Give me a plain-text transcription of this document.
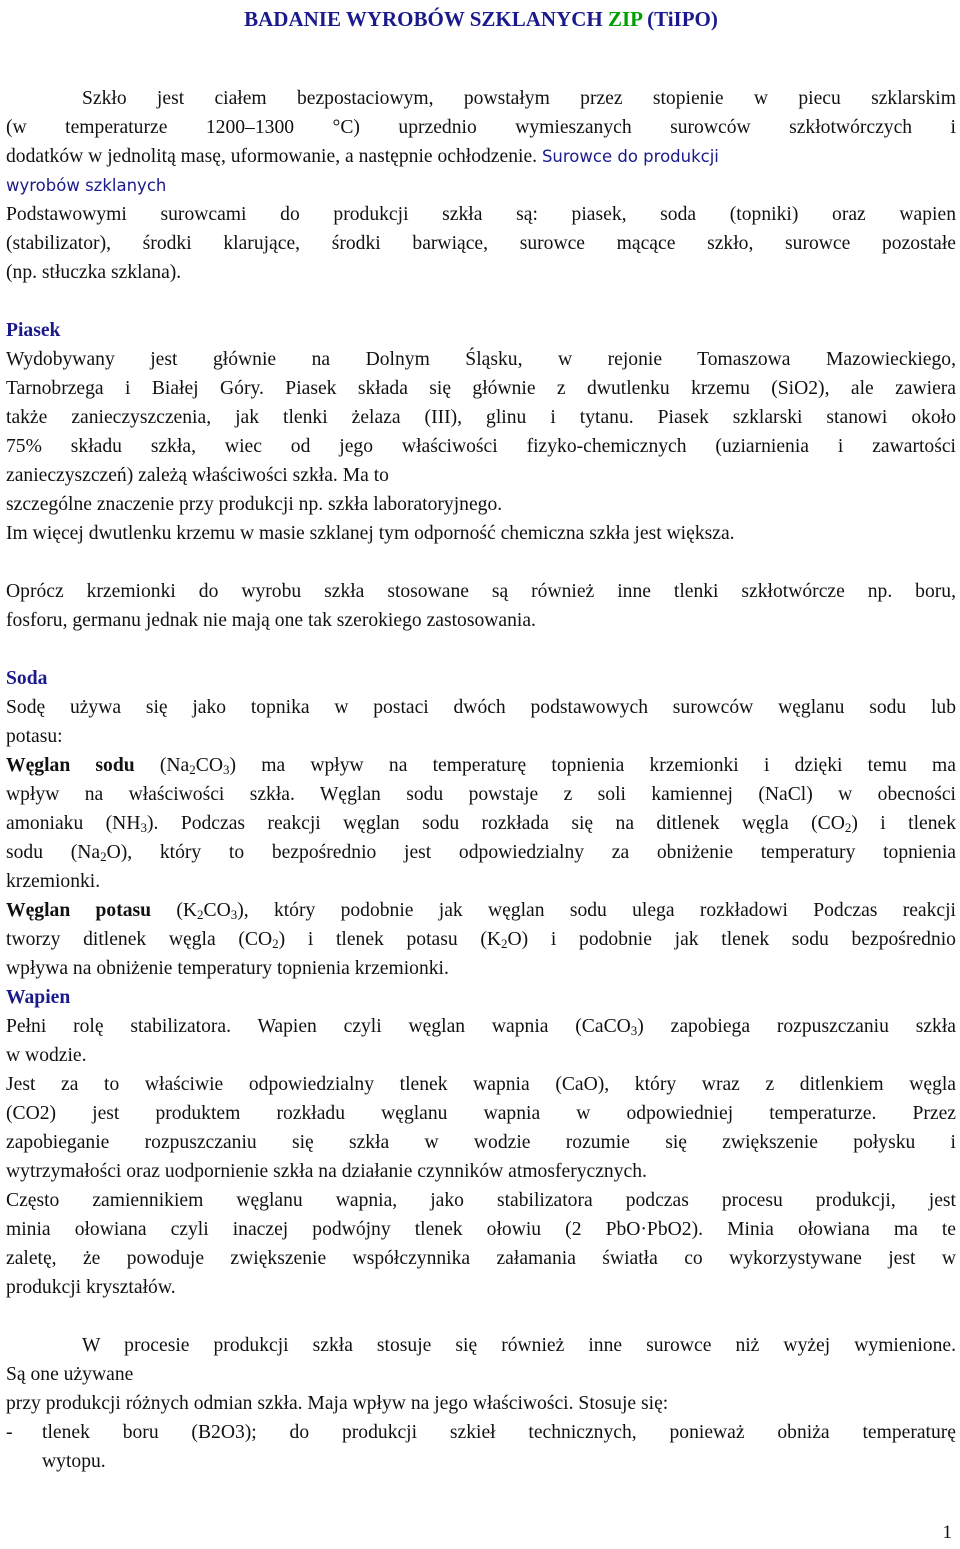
BADANIE WYROBÓW SZKLANYCH ZIP (TiIPO)
Szkło jest ciałem bezpostaciowym, powstałym przez stopienie w piecu szklarskim
(w temperaturze 1200–1300 °C) uprzednio wymieszanych surowców szkłotwórczych i
dodatków w jednolitą masę, uformowanie, a następnie ochłodzenie. Surowce do produkcji
wyrobów szklanych
Podstawowymi surowcami do produkcji szkła są: piasek, soda (topniki) oraz wapien
(stabilizator), środki klarujące, środki barwiące, surowce mącące szkło, surowce pozostałe
(np. stłuczka szklana).
Piasek
Wydobywany jest głównie na Dolnym Śląsku, w rejonie Tomaszowa Mazowieckiego,
Tarnobrzega i Białej Góry. Piasek składa się głównie z dwutlenku krzemu (SiO2), ale zawiera
także zanieczyszczenia, jak tlenki żelaza (III), glinu i tytanu. Piasek szklarski stanowi około
75% składu szkła, wiec od jego właściwości fizyko-chemicznych (uziarnienia i zawartości
zanieczyszczeń) zależą właściwości szkła. Ma to
szczególne znaczenie przy produkcji np. szkła laboratoryjnego.
Im więcej dwutlenku krzemu w masie szklanej tym odporność chemiczna szkła jest większa.
Oprócz krzemionki do wyrobu szkła stosowane są również inne tlenki szkłotwórcze np. boru,
fosforu, germanu jednak nie mają one tak szerokiego zastosowania.
Soda
Sodę używa się jako topnika w postaci dwóch podstawowych surowców węglanu sodu lub
potasu:
Węglan sodu $(Na_2CO_3)$ ma wpływ na temperaturę topnienia krzemionki i dzięki temu ma
wpływ na właściwości szkła. Węglan sodu powstaje z soli kamiennej (NaCl) w obecności
amoniaku $(NH_3)$. Podczas reakcji węglan sodu rozkłada się na ditlenek węgla $(CO_2)$ i tlenek
sodu $(Na_2O)$, który to bezpośrednio jest odpowiedzialny za obniżenie temperatury topnienia
krzemionki.
Węglan potasu $(K_2CO_3)$, który podobnie jak węglan sodu ulega rozkładowi Podczas reakcji
tworzy ditlenek węgla $(CO_2)$ i tlenek potasu $(K_2O)$ i podobnie jak tlenek sodu bezpośrednio
wpływa na obniżenie temperatury topnienia krzemionki.
Wapien
Pełni rolę stabilizatora. Wapien czyli węglan wapnia (CaCO$_3$) zapobiega rozpuszczaniu szkła
w wodzie.
Jest za to właściwie odpowiedzialny tlenek wapnia (CaO), który wraz z ditlenkiem węgla
(CO2) jest produktem rozkładu węglanu wapnia w odpowiedniej temperaturze. Przez
zapobieganie rozpuszczaniu się szkła w wodzie rozumie się zwiększenie połysku i
wytrzymałości oraz uodpornienie szkła na działanie czynników atmosferycznych.
Często zamiennikiem węglanu wapnia, jako stabilizatora podczas procesu produkcji, jest
minia ołowiana czyli inaczej podwójny tlenek ołowiu (2 PbO·PbO2). Minia ołowiana ma te
zaletę, że powoduje zwiększenie współczynnika załamania światła co wykorzystywane jest w
produkcji kryształów.
W procesie produkcji szkła stosuje się również inne surowce niż wyżej wymienione.
Są one używane
przy produkcji różnych odmian szkła. Maja wpływ na jego właściwości. Stosuje się:
-	tlenek boru (B2O3); do produkcji szkieł technicznych, ponieważ obniża temperaturę
wytopu.
1
